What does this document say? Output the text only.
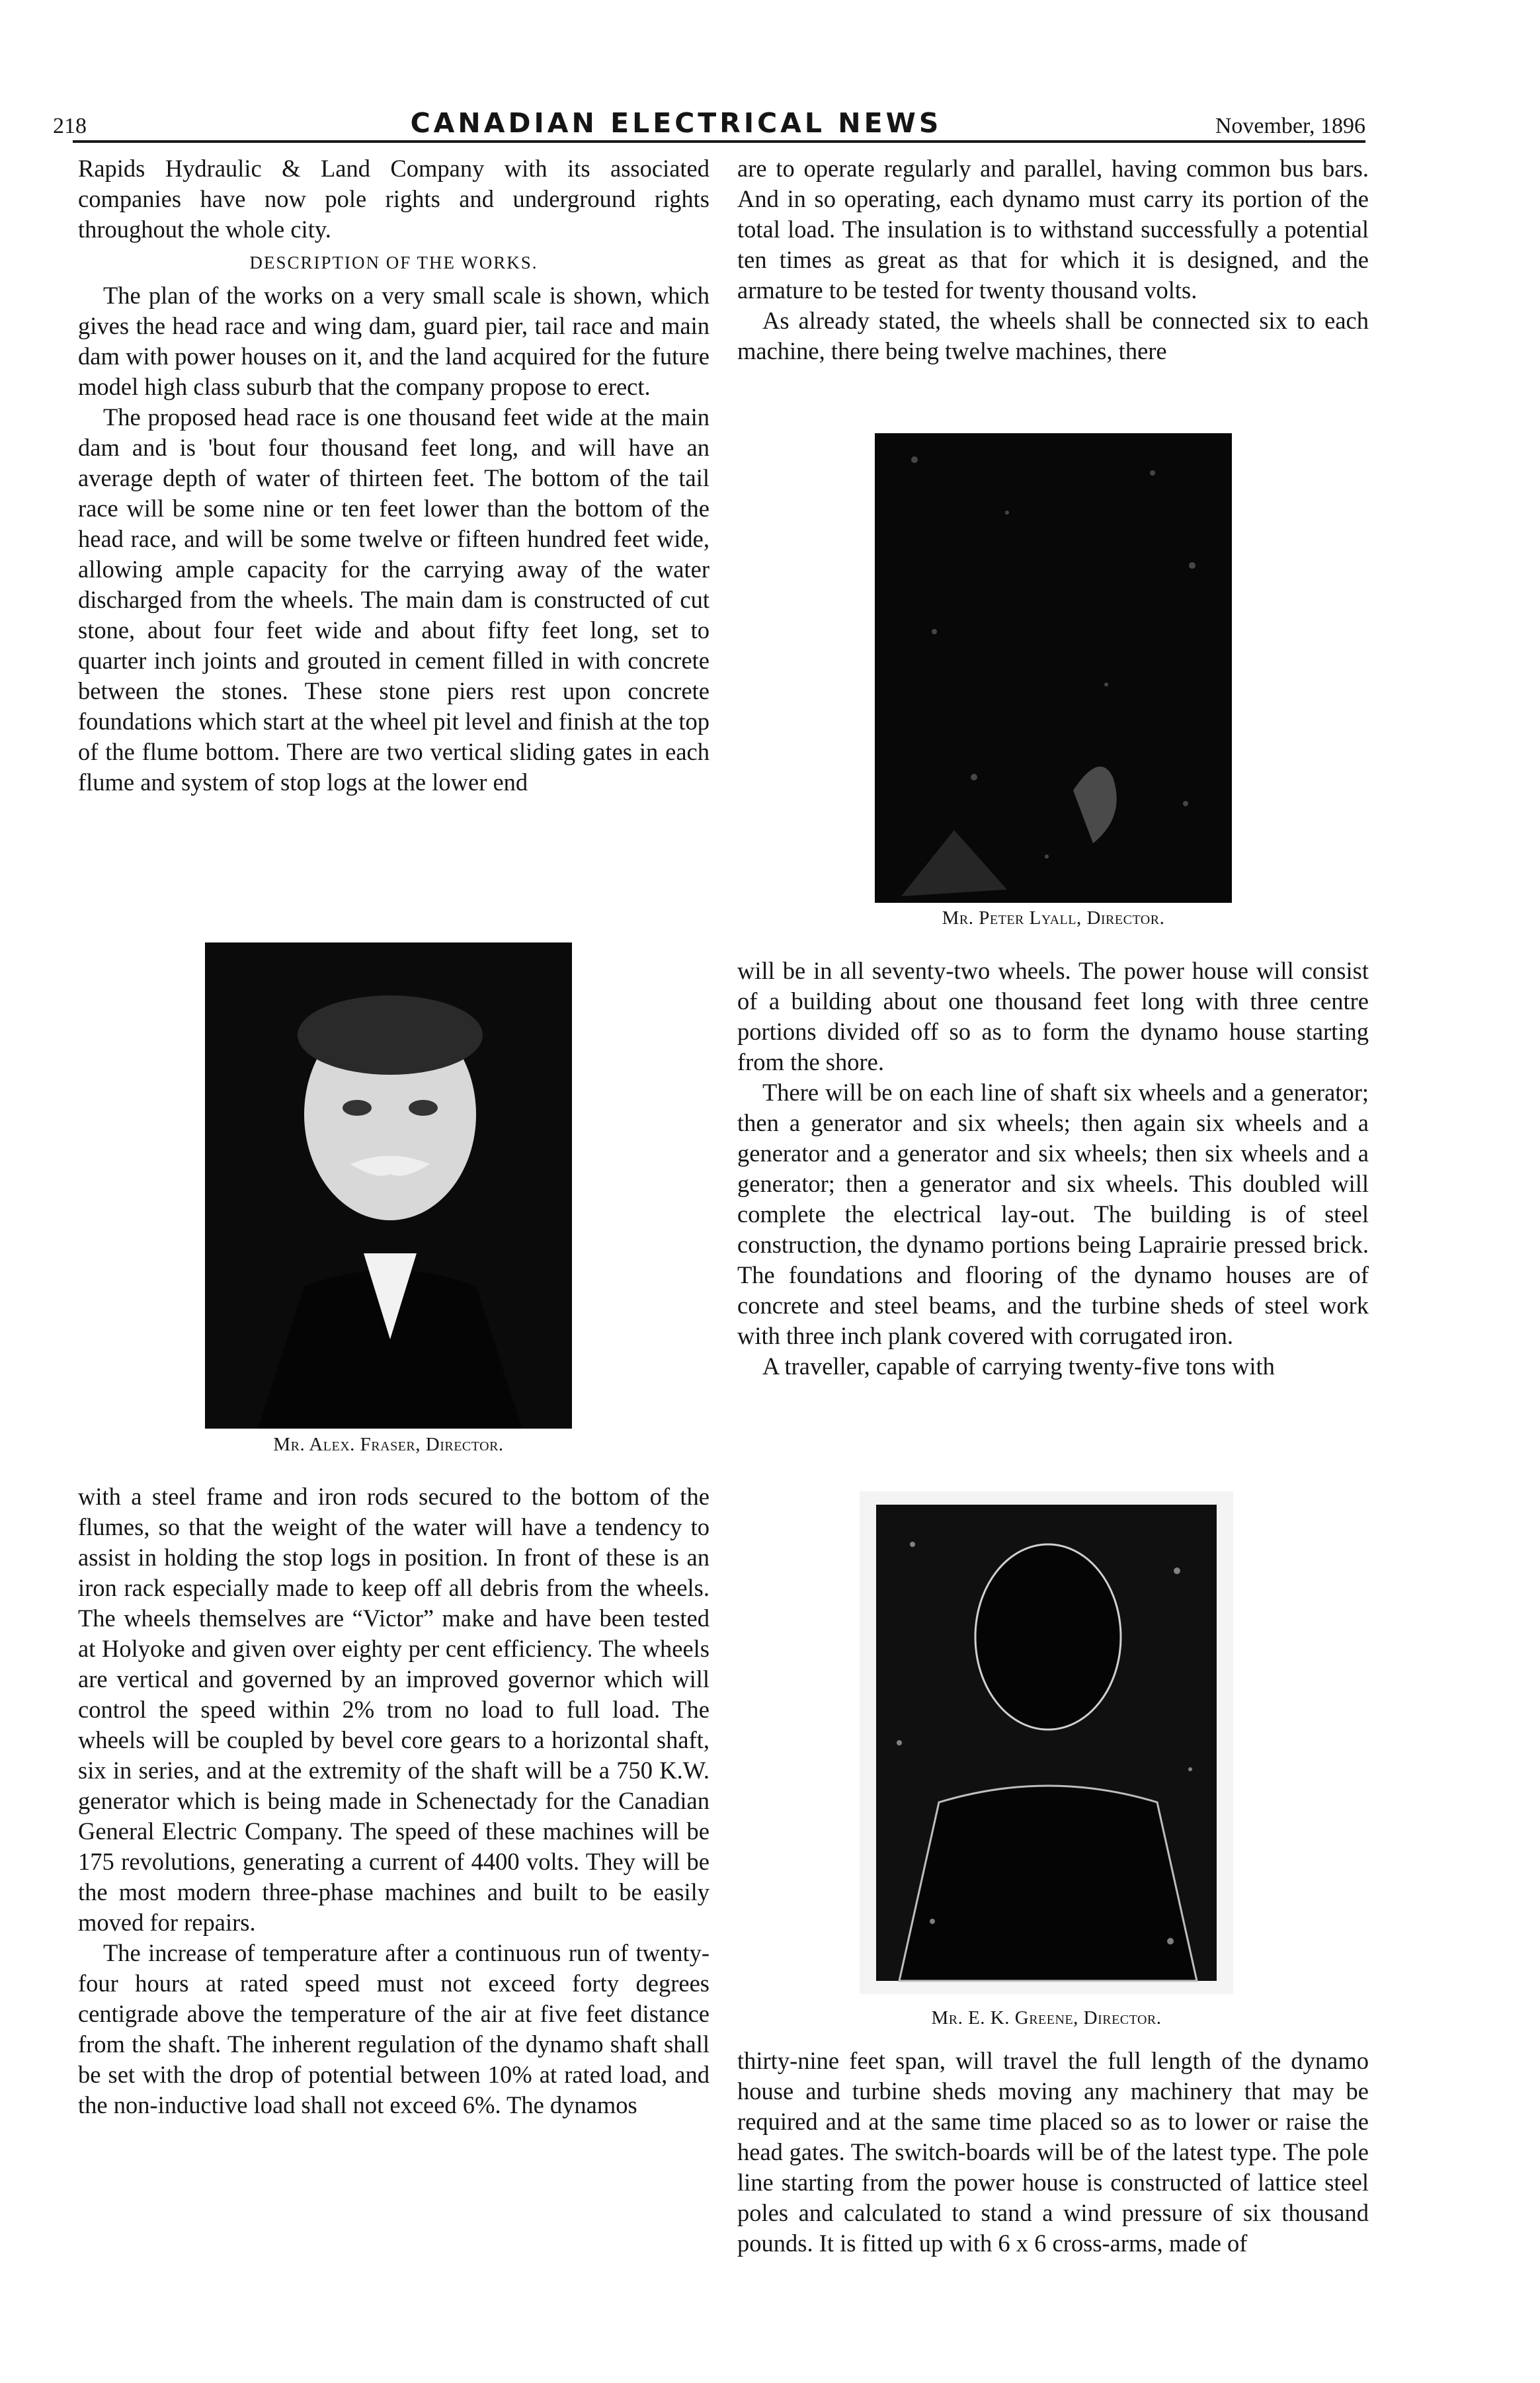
218	CANADIAN ELECTRICAL NEWS	November, 1896

Rapids Hydraulic & Land Company with its associated companies have now pole rights and underground rights throughout the whole city.

DESCRIPTION OF THE WORKS.

The plan of the works on a very small scale is shown, which gives the head race and wing dam, guard pier, tail race and main dam with power houses on it, and the land acquired for the future model high class suburb that the company propose to erect.

The proposed head race is one thousand feet wide at the main dam and is 'bout four thousand feet long, and will have an average depth of water of thirteen feet. The bottom of the tail race will be some nine or ten feet lower than the bottom of the head race, and will be some twelve or fifteen hundred feet wide, allowing ample capacity for the carrying away of the water discharged from the wheels. The main dam is constructed of cut stone, about four feet wide and about fifty feet long, set to quarter inch joints and grouted in cement filled in with concrete between the stones. These stone piers rest upon concrete foundations which start at the wheel pit level and finish at the top of the flume bottom. There are two vertical sliding gates in each flume and system of stop logs at the lower end

Mr. Alex. Fraser, Director.

with a steel frame and iron rods secured to the bottom of the flumes, so that the weight of the water will have a tendency to assist in holding the stop logs in position. In front of these is an iron rack especially made to keep off all debris from the wheels. The wheels themselves are “Victor” make and have been tested at Holyoke and given over eighty per cent efficiency. The wheels are vertical and governed by an improved governor which will control the speed within 2% trom no load to full load. The wheels will be coupled by bevel core gears to a horizontal shaft, six in series, and at the extremity of the shaft will be a 750 K.W. generator which is being made in Schenectady for the Canadian General Electric Company. The speed of these machines will be 175 revolutions, generating a current of 4400 volts. They will be the most modern three-phase machines and built to be easily moved for repairs.

The increase of temperature after a continuous run of twenty-four hours at rated speed must not exceed forty degrees centigrade above the temperature of the air at five feet distance from the shaft. The inherent regulation of the dynamo shaft shall be set with the drop of potential between 10% at rated load, and the non-inductive load shall not exceed 6%. The dynamos

are to operate regularly and parallel, having common bus bars. And in so operating, each dynamo must carry its portion of the total load. The insulation is to withstand successfully a potential ten times as great as that for which it is designed, and the armature to be tested for twenty thousand volts.

As already stated, the wheels shall be connected six to each machine, there being twelve machines, there

Mr. Peter Lyall, Director.

will be in all seventy-two wheels. The power house will consist of a building about one thousand feet long with three centre portions divided off so as to form the dynamo house starting from the shore.

There will be on each line of shaft six wheels and a generator; then a generator and six wheels; then again six wheels and a generator and a generator and six wheels; then six wheels and a generator; then a generator and six wheels. This doubled will complete the electrical lay-out. The building is of steel construction, the dynamo portions being Laprairie pressed brick. The foundations and flooring of the dynamo houses are of concrete and steel beams, and the turbine sheds of steel work with three inch plank covered with corrugated iron.

A traveller, capable of carrying twenty-five tons with

Mr. E. K. Greene, Director.

thirty-nine feet span, will travel the full length of the dynamo house and turbine sheds moving any machinery that may be required and at the same time placed so as to lower or raise the head gates. The switch-boards will be of the latest type. The pole line starting from the power house is constructed of lattice steel poles and calculated to stand a wind pressure of six thousand pounds. It is fitted up with 6 x 6 cross-arms, made of
